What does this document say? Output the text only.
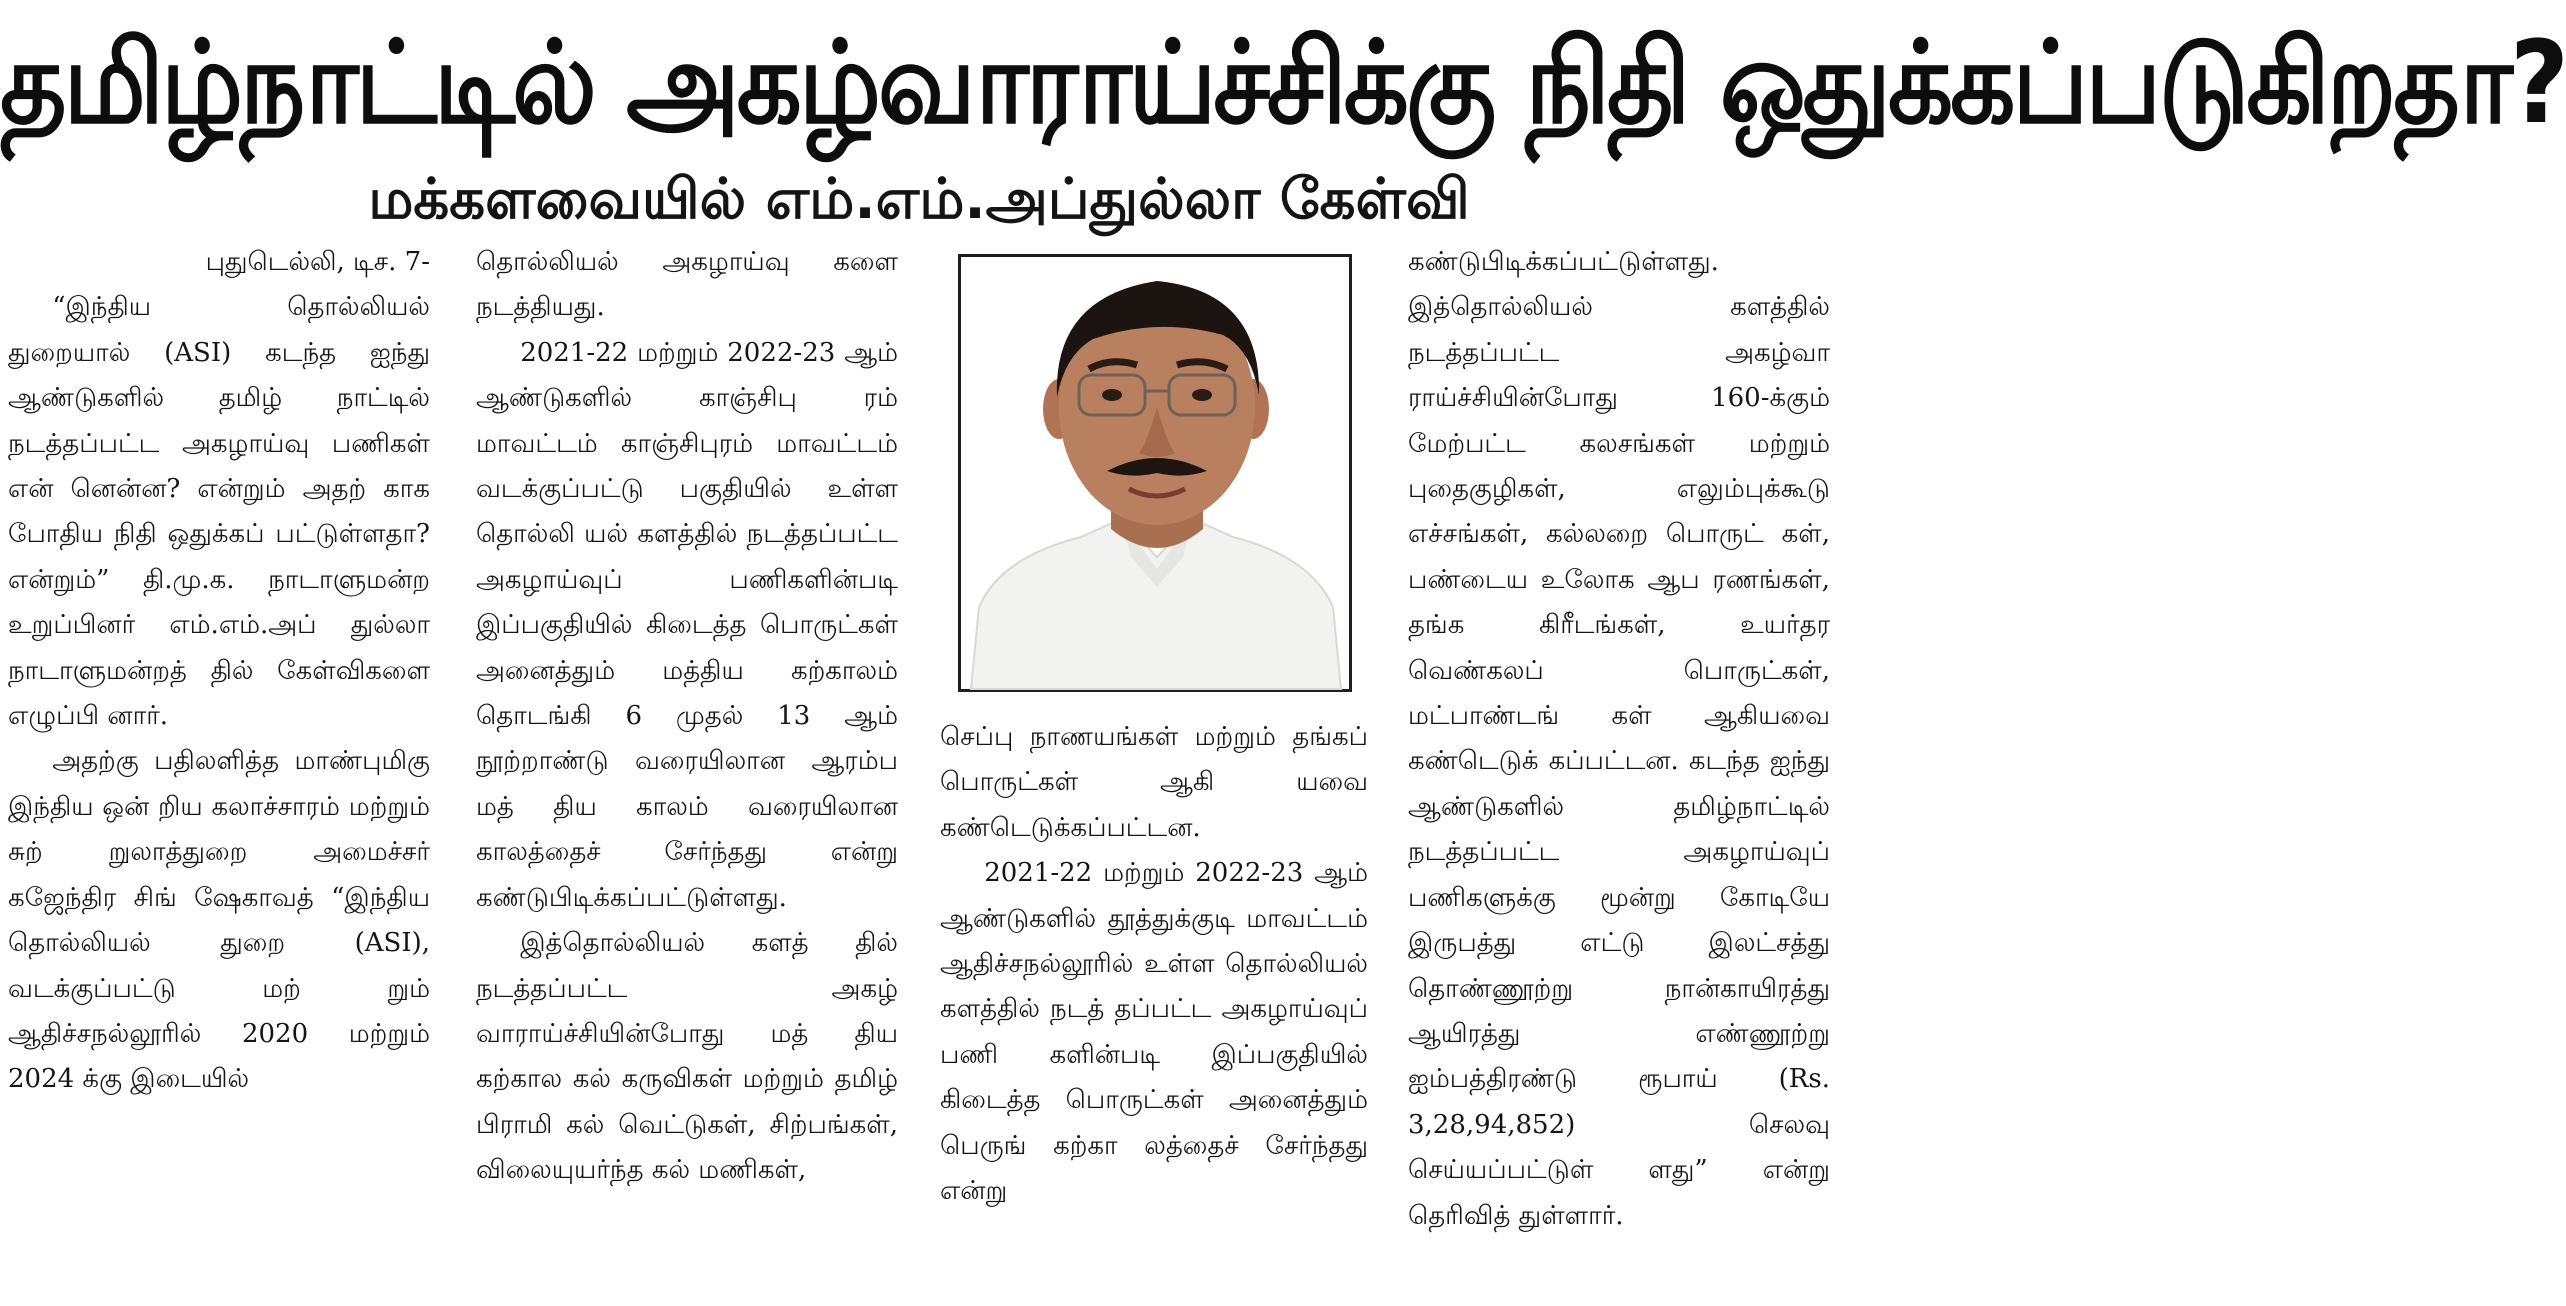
தமிழ்நாட்டில் அகழ்வாராய்ச்சிக்கு நிதி ஒதுக்கப்படுகிறதா?
மக்களவையில் எம்.எம்.அப்துல்லா கேள்வி

புதுடெல்லி, டிச. 7-

“இந்திய தொல்லியல் துறையால் (ASI) கடந்த ஐந்து ஆண்டுகளில் தமிழ் நாட்டில் நடத்தப்பட்ட அகழாய்வு பணிகள் என் னென்ன? என்றும் அதற் காக போதிய நிதி ஒதுக்கப் பட்டுள்ளதா? என்றும்” தி.மு.க. நாடாளுமன்ற உறுப்பினர் எம்.எம்.அப் துல்லா நாடாளுமன்றத் தில் கேள்விகளை எழுப்பி னார்.

அதற்கு பதிலளித்த மாண்புமிகு இந்திய ஒன் றிய கலாச்சாரம் மற்றும் சுற் றுலாத்துறை அமைச்சர் கஜேந்திர சிங் ஷேகாவத் “இந்திய தொல்லியல் துறை (ASI), வடக்குப்பட்டு மற் றும் ஆதிச்சநல்லூரில் 2020 மற்றும் 2024 க்கு இடையில்

தொல்லியல் அகழாய்வு களை நடத்தியது.

2021-22 மற்றும் 2022-23 ஆம் ஆண்டுகளில் காஞ்சிபு ரம் மாவட்டம் காஞ்சிபுரம் மாவட்டம் வடக்குப்பட்டு பகுதியில் உள்ள தொல்லி யல் களத்தில் நடத்தப்பட்ட அகழாய்வுப் பணிகளின்படி இப்பகுதியில் கிடைத்த பொருட்கள் அனைத்தும் மத்திய கற்காலம் தொடங்கி 6 முதல் 13 ஆம் நூற்றாண்டு வரையிலான ஆரம்ப மத் திய காலம் வரையிலான காலத்தைச் சேர்ந்தது என்று கண்டுபிடிக்கப்பட்டுள்ளது.

இத்தொல்லியல் களத் தில் நடத்தப்பட்ட அகழ் வாராய்ச்சியின்போது மத் திய கற்கால கல் கருவிகள் மற்றும் தமிழ் பிராமி கல் வெட்டுகள், சிற்பங்கள், விலையுயர்ந்த கல் மணிகள்,

செப்பு நாணயங்கள் மற்றும் தங்கப் பொருட்கள் ஆகி யவை கண்டெடுக்கப்பட்டன.

2021-22 மற்றும் 2022-23 ஆம் ஆண்டுகளில் தூத்துக்குடி மாவட்டம் ஆதிச்சநல்லூரில் உள்ள தொல்லியல் களத்தில் நடத் தப்பட்ட அகழாய்வுப் பணி களின்படி இப்பகுதியில் கிடைத்த பொருட்கள் அனைத்தும் பெருங் கற்கா லத்தைச் சேர்ந்தது என்று

கண்டுபிடிக்கப்பட்டுள்ளது. இத்தொல்லியல் களத்தில் நடத்தப்பட்ட அகழ்வா ராய்ச்சியின்போது 160-க்கும் மேற்பட்ட கலசங்கள் மற்றும் புதைகுழிகள், எலும்புக்கூடு எச்சங்கள், கல்லறை பொருட் கள், பண்டைய உலோக ஆப ரணங்கள், தங்க கிரீடங்கள், உயர்தர வெண்கலப் பொருட்கள், மட்பாண்டங் கள் ஆகியவை கண்டெடுக் கப்பட்டன. கடந்த ஐந்து ஆண்டுகளில் தமிழ்நாட்டில் நடத்தப்பட்ட அகழாய்வுப் பணிகளுக்கு மூன்று கோடியே இருபத்து எட்டு இலட்சத்து தொண்ணூற்று நான்காயிரத்து ஆயிரத்து எண்ணூற்று ஐம்பத்திரண்டு ரூபாய் (Rs. 3,28,94,852) செலவு செய்யப்பட்டுள் ளது” என்று தெரிவித் துள்ளார்.
